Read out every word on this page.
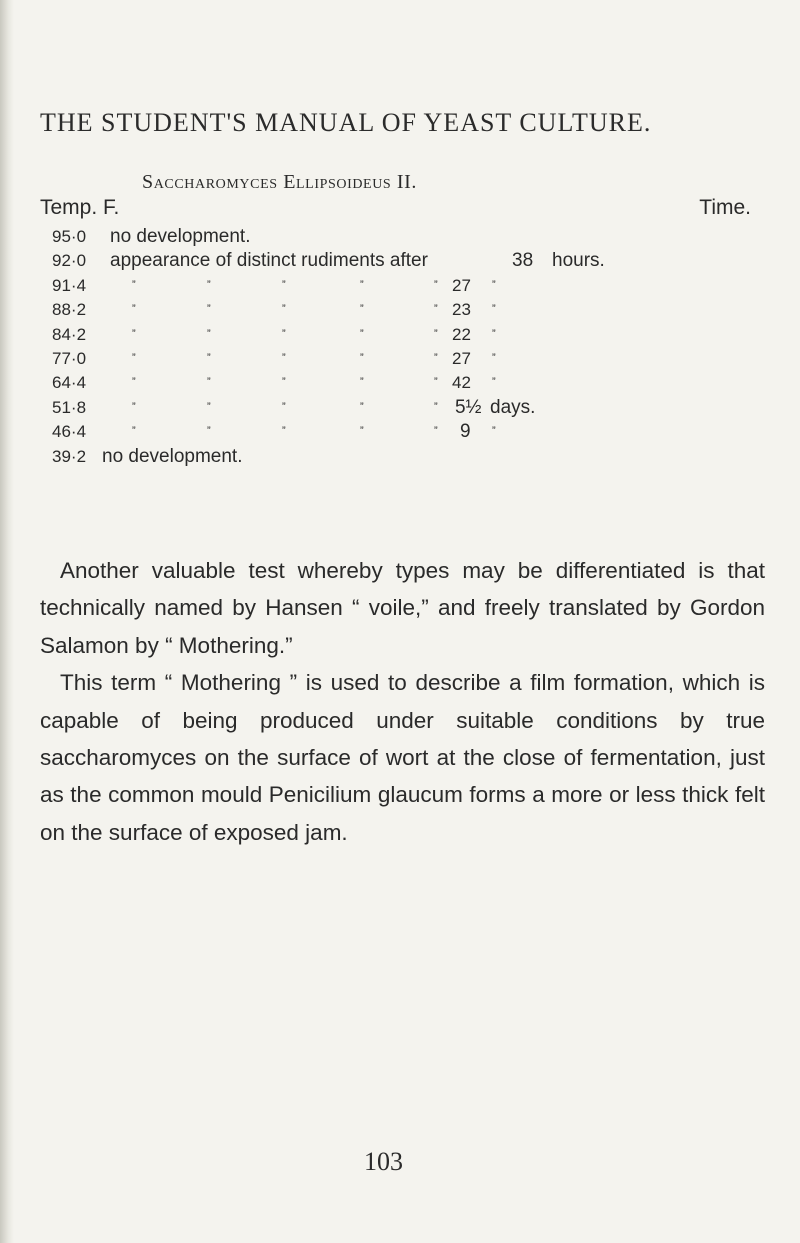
THE STUDENT'S MANUAL OF YEAST CULTURE.
Saccharomyces Ellipsoideus II.
Temp. F.	Time.
95·0 no development.
92·0 appearance of distinct rudiments after	38 hours.
91·4	”	”	”	”	” 27 ”
88·2	”	”	”	”	” 23 ”
84·2	”	”	”	”	” 22 ”
77·0	”	”	”	”	” 27 ”
64·4	”	”	”	”	” 42 ”
51·8	”	”	”	”	” 5½ days.
46·4	”	”	”	”	” 9 ”
39·2 no development.

Another valuable test whereby types may be differentiated is that technically named by Hansen “ voile,” and freely translated by Gordon Salamon by “ Mothering.”

This term “ Mothering ” is used to describe a film formation, which is capable of being produced under suitable conditions by true saccharomyces on the surface of wort at the close of fermentation, just as the common mould Penicilium glaucum forms a more or less thick felt on the surface of exposed jam.

103
